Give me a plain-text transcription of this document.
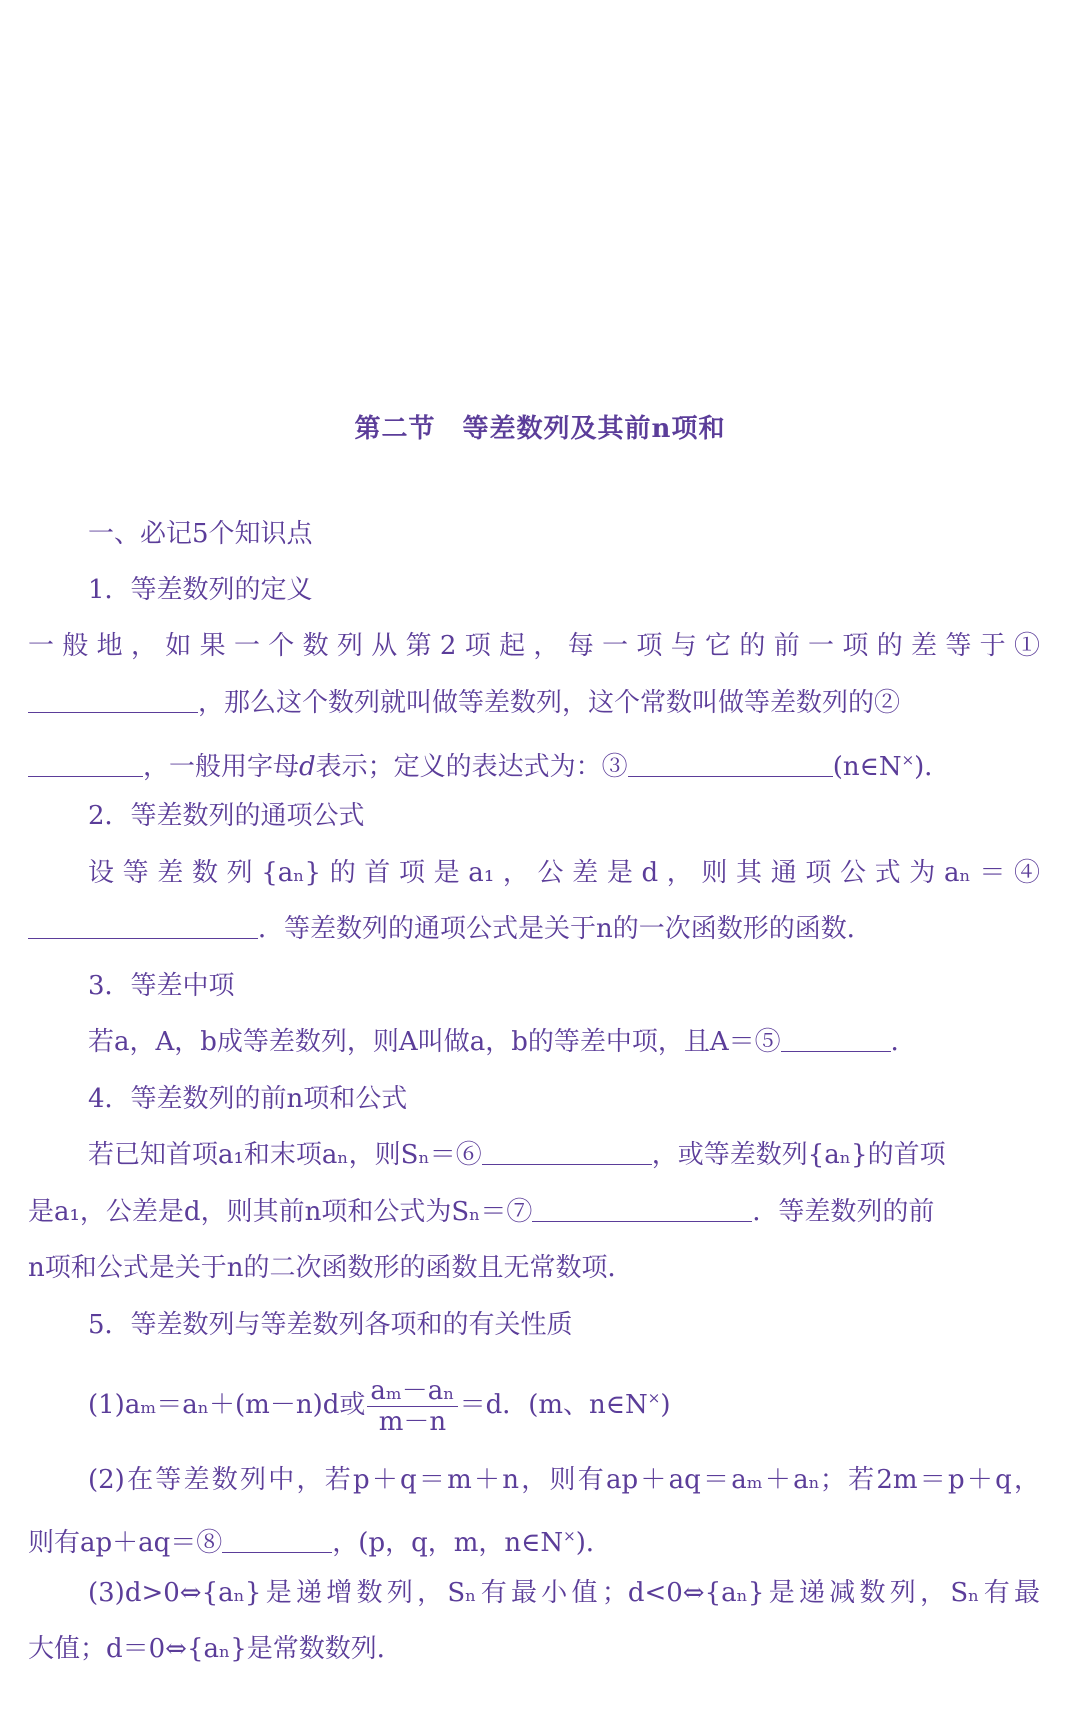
第二节　等差数列及其前n项和
一、必记5个知识点
1．等差数列的定义
一般地，如果一个数列从第2项起，每一项与它的前一项的差等于①
，那么这个数列就叫做等差数列，这个常数叫做等差数列的②
，一般用字母d表示；定义的表达式为：③	(n∈N×)．
2．等差数列的通项公式
设等差数列{aₙ}的首项是a₁，公差是d，则其通项公式为aₙ＝④
．等差数列的通项公式是关于n的一次函数形的函数．
3．等差中项
若a，A，b成等差数列，则A叫做a，b的等差中项，且A＝⑤	．
4．等差数列的前n项和公式
若已知首项a₁和末项aₙ，则Sₙ＝⑥	，或等差数列{aₙ}的首项
是a₁，公差是d，则其前n项和公式为Sₙ＝⑦	．等差数列的前
n项和公式是关于n的二次函数形的函数且无常数项．
5．等差数列与等差数列各项和的有关性质
(1)aₘ＝aₙ＋(m－n)d或 $\frac{\text{aₘ－aₙ}}{m-n} =d$．(m、n∈N×)
(2)在等差数列中，若p＋q＝m＋n，则有ap＋aq＝aₘ＋aₙ；若2m＝p＋q，
则有ap＋aq＝⑧	，(p，q，m，n∈N×)．
(3)d>0⇔{aₙ}是递增数列，Sₙ有最小值；d<0⇔{aₙ}是递减数列，Sₙ有最
大值；d＝0⇔{aₙ}是常数数列．
